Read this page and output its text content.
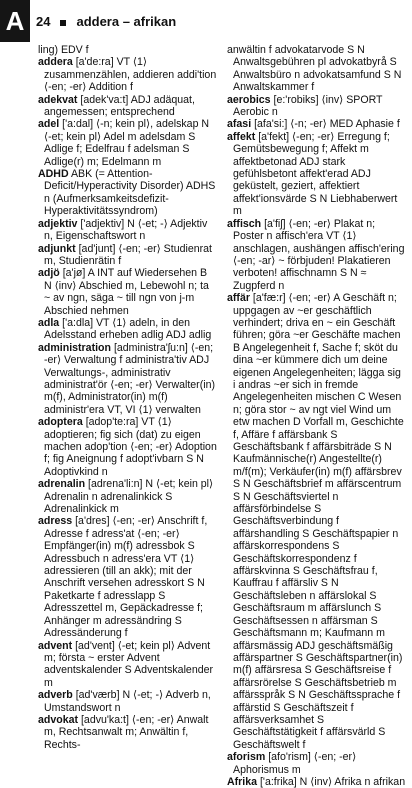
A 24 addera – afrikan
ling) EDV f
addera [a'de:ra] VT ⟨1⟩ zusammenzählen, addieren addi'tion ⟨-en; -er⟩ Addition f
adekvat [adek'va:t] ADJ adäquat, angemessen; entsprechend
adel ['a:dal] ⟨-n; kein pl⟩, adelskap N ⟨-et; kein pl⟩ Adel m adelsdam S Adlige f; Edelfrau f adelsman S Adlige(r) m; Edelmann m
ADHD ABK (= Attention-Deficit/Hyperactivity Disorder) ADHS n (Aufmerksamkeitsdefizit-Hyperaktivitätssyndrom)
adjektiv ['adjektiv] N ⟨-et; -⟩ Adjektiv n, Eigenschaftswort n
adjunkt [ad'junt] ⟨-en; -er⟩ Studienrat m, Studienrätin f
adjö [a'jø] A INT auf Wiedersehen B N ⟨inv⟩ Abschied m, Lebewohl n; ta ~ av ngn, säga ~ till ngn von j-m Abschied nehmen
adla ['a:dla] VT ⟨1⟩ adeln, in den Adelsstand erheben adlig ADJ adlig
administration [administra'ʃu:n] ⟨-en; -er⟩ Verwaltung f administra'tiv ADJ Verwaltungs-, administrativ administrat'ör ⟨-en; -er⟩ Verwalter(in) m(f), Administrator(in) m(f) administr'era VT, VI ⟨1⟩ verwalten
adoptera [adop'te:ra] VT ⟨1⟩ adoptieren; fig sich (dat) zu eigen machen adop'tion ⟨-en; -er⟩ Adoption f; fig Aneignung f adopt'ivbarn S N Adoptivkind n
adrenalin [adrena'li:n] N ⟨-et; kein pl⟩ Adrenalin n adrenalinkick S Adrenalinkick m
adress [a'dres] ⟨-en; -er⟩ Anschrift f, Adresse f adress'at ⟨-en; -er⟩ Empfänger(in) m(f) adressbok S Adressbuch n adress'era VT ⟨1⟩ adressieren (till an akk); mit der Anschrift versehen adresskort S N Paketkarte f adresslapp S Adresszettel m, Gepäckadresse f; Anhänger m adressändring S Adressänderung f
advent [ad'vent] ⟨-et; kein pl⟩ Advent m; första ~ erster Advent adventskalender S Adventskalender m
adverb [ad'værb] N ⟨-et; -⟩ Adverb n, Umstandswort n
advokat [advu'ka:t] ⟨-en; -er⟩ Anwalt m, Rechtsanwalt m; Anwältin f, Rechts-
anwältin f advokatarvode S N Anwaltsgebühren pl advokatbyrå S Anwaltsbüro n advokatsamfund S N Anwaltskammer f
aerobics [e:'robiks] ⟨inv⟩ SPORT Aerobic n
afasi [afa'si:] ⟨-n; -er⟩ MED Aphasie f
affekt [a'fekt] ⟨-en; -er⟩ Erregung f; Gemütsbewegung f; Affekt m affektbetonad ADJ stark gefühlsbetont affekt'erad ADJ geküstelt, geziert, affektiert affekt'ionsvärde S N Liebhaberwert m
affisch [a'fiʃ] ⟨-en; -er⟩ Plakat n; Poster n affisch'era VT ⟨1⟩ anschlagen, aushängen affisch'ering ⟨-en; -ar⟩ ~ förbjuden! Plakatieren verboten! affischnamn S N ≈ Zugpferd n
affär [a'fæ:r] ⟨-en; -er⟩ A Geschäft n; uppgagen av ~er geschäftlich verhindert; driva en ~ ein Geschäft führen; göra ~er Geschäfte machen B Angelegenheit f, Sache f; sköt du dina ~er kümmere dich um deine eigenen Angelegenheiten; lägga sig i andras ~er sich in fremde Angelegenheiten mischen C Wesen n; göra stor ~ av ngt viel Wind um etw machen D Vorfall m, Geschichte f, Affäre f affärsbank S Geschäftsbank f affärsbiträde S N Kaufmännische(r) Angestellte(r) m/f(m); Verkäufer(in) m(f) affärsbrev S N Geschäftsbrief m affärscentrum S N Geschäftsviertel n affärsförbindelse S Geschäftsverbindung f affärshandling S Geschäftspapier n affärskorrespondens S Geschäftskorrespondenz f affärskvinna S Geschäftsfrau f, Kauffrau f affärsliv S N Geschäftsleben n affärslokal S Geschäftsraum m affärslunch S Geschäftsessen n affärsman S Geschäftsmann m; Kaufmann m affärsmässig ADJ geschäftsmäßig affärspartner S Geschäftspartner(in) m(f) affärsresa S Geschäftsreise f affärsrörelse S Geschäftsbetrieb m affärsspråk S N Geschäftssprache f affärstid S Geschäftszeit f affärsverksamhet S Geschäftstätigkeit f affärsvärld S Geschäftswelt f
aforism [afo'rism] ⟨-en; -er⟩ Aphorismus m
Afrika ['a:frika] N ⟨inv⟩ Afrika n afrikan
